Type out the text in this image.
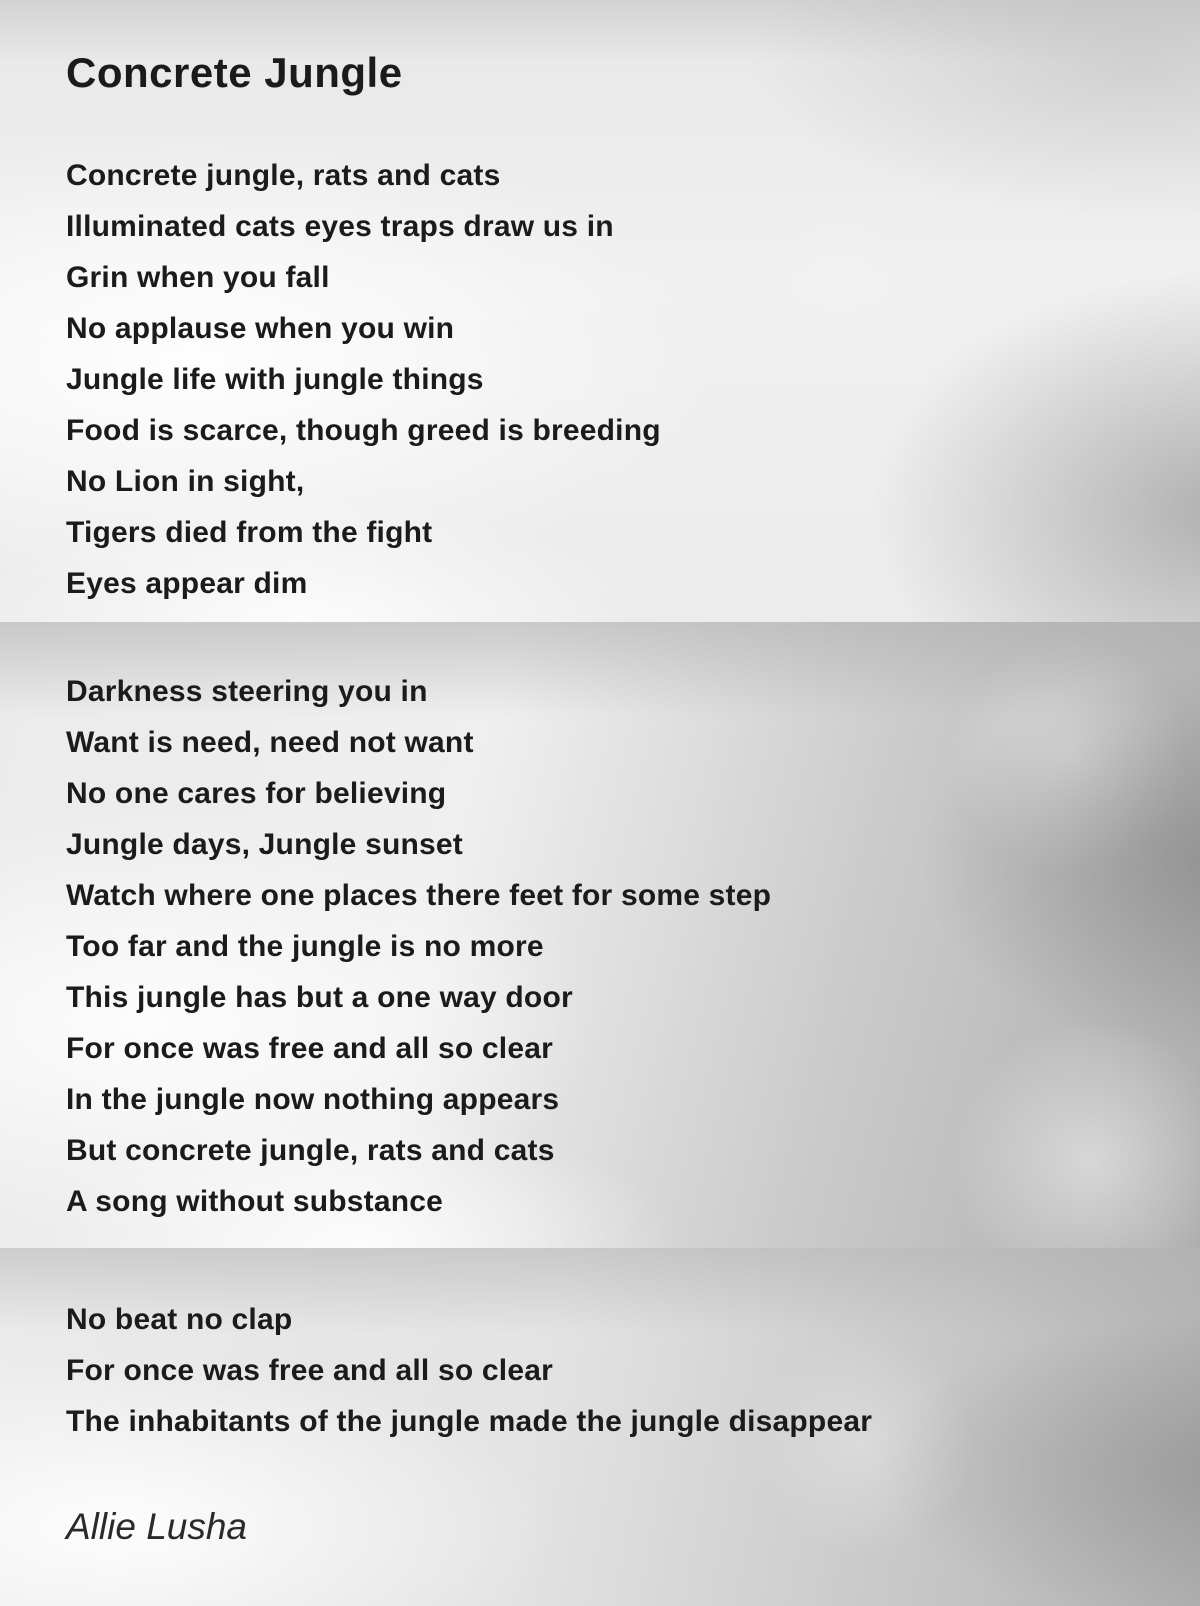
Concrete Jungle

Concrete jungle, rats and cats

Illuminated cats eyes traps draw us in

Grin when you fall

No applause when you win

Jungle life with jungle things

Food is scarce, though greed is breeding

No Lion in sight,

Tigers died from the fight

Eyes appear dim

Darkness steering you in

Want is need, need not want

No one cares for believing

Jungle days, Jungle sunset

Watch where one places there feet for some step

Too far and the jungle is no more

This jungle has but a one way door

For once was free and all so clear

In the jungle now nothing appears

But concrete jungle, rats and cats

A song without substance

No beat no clap

For once was free and all so clear

The inhabitants of the jungle made the jungle disappear

Allie Lusha
